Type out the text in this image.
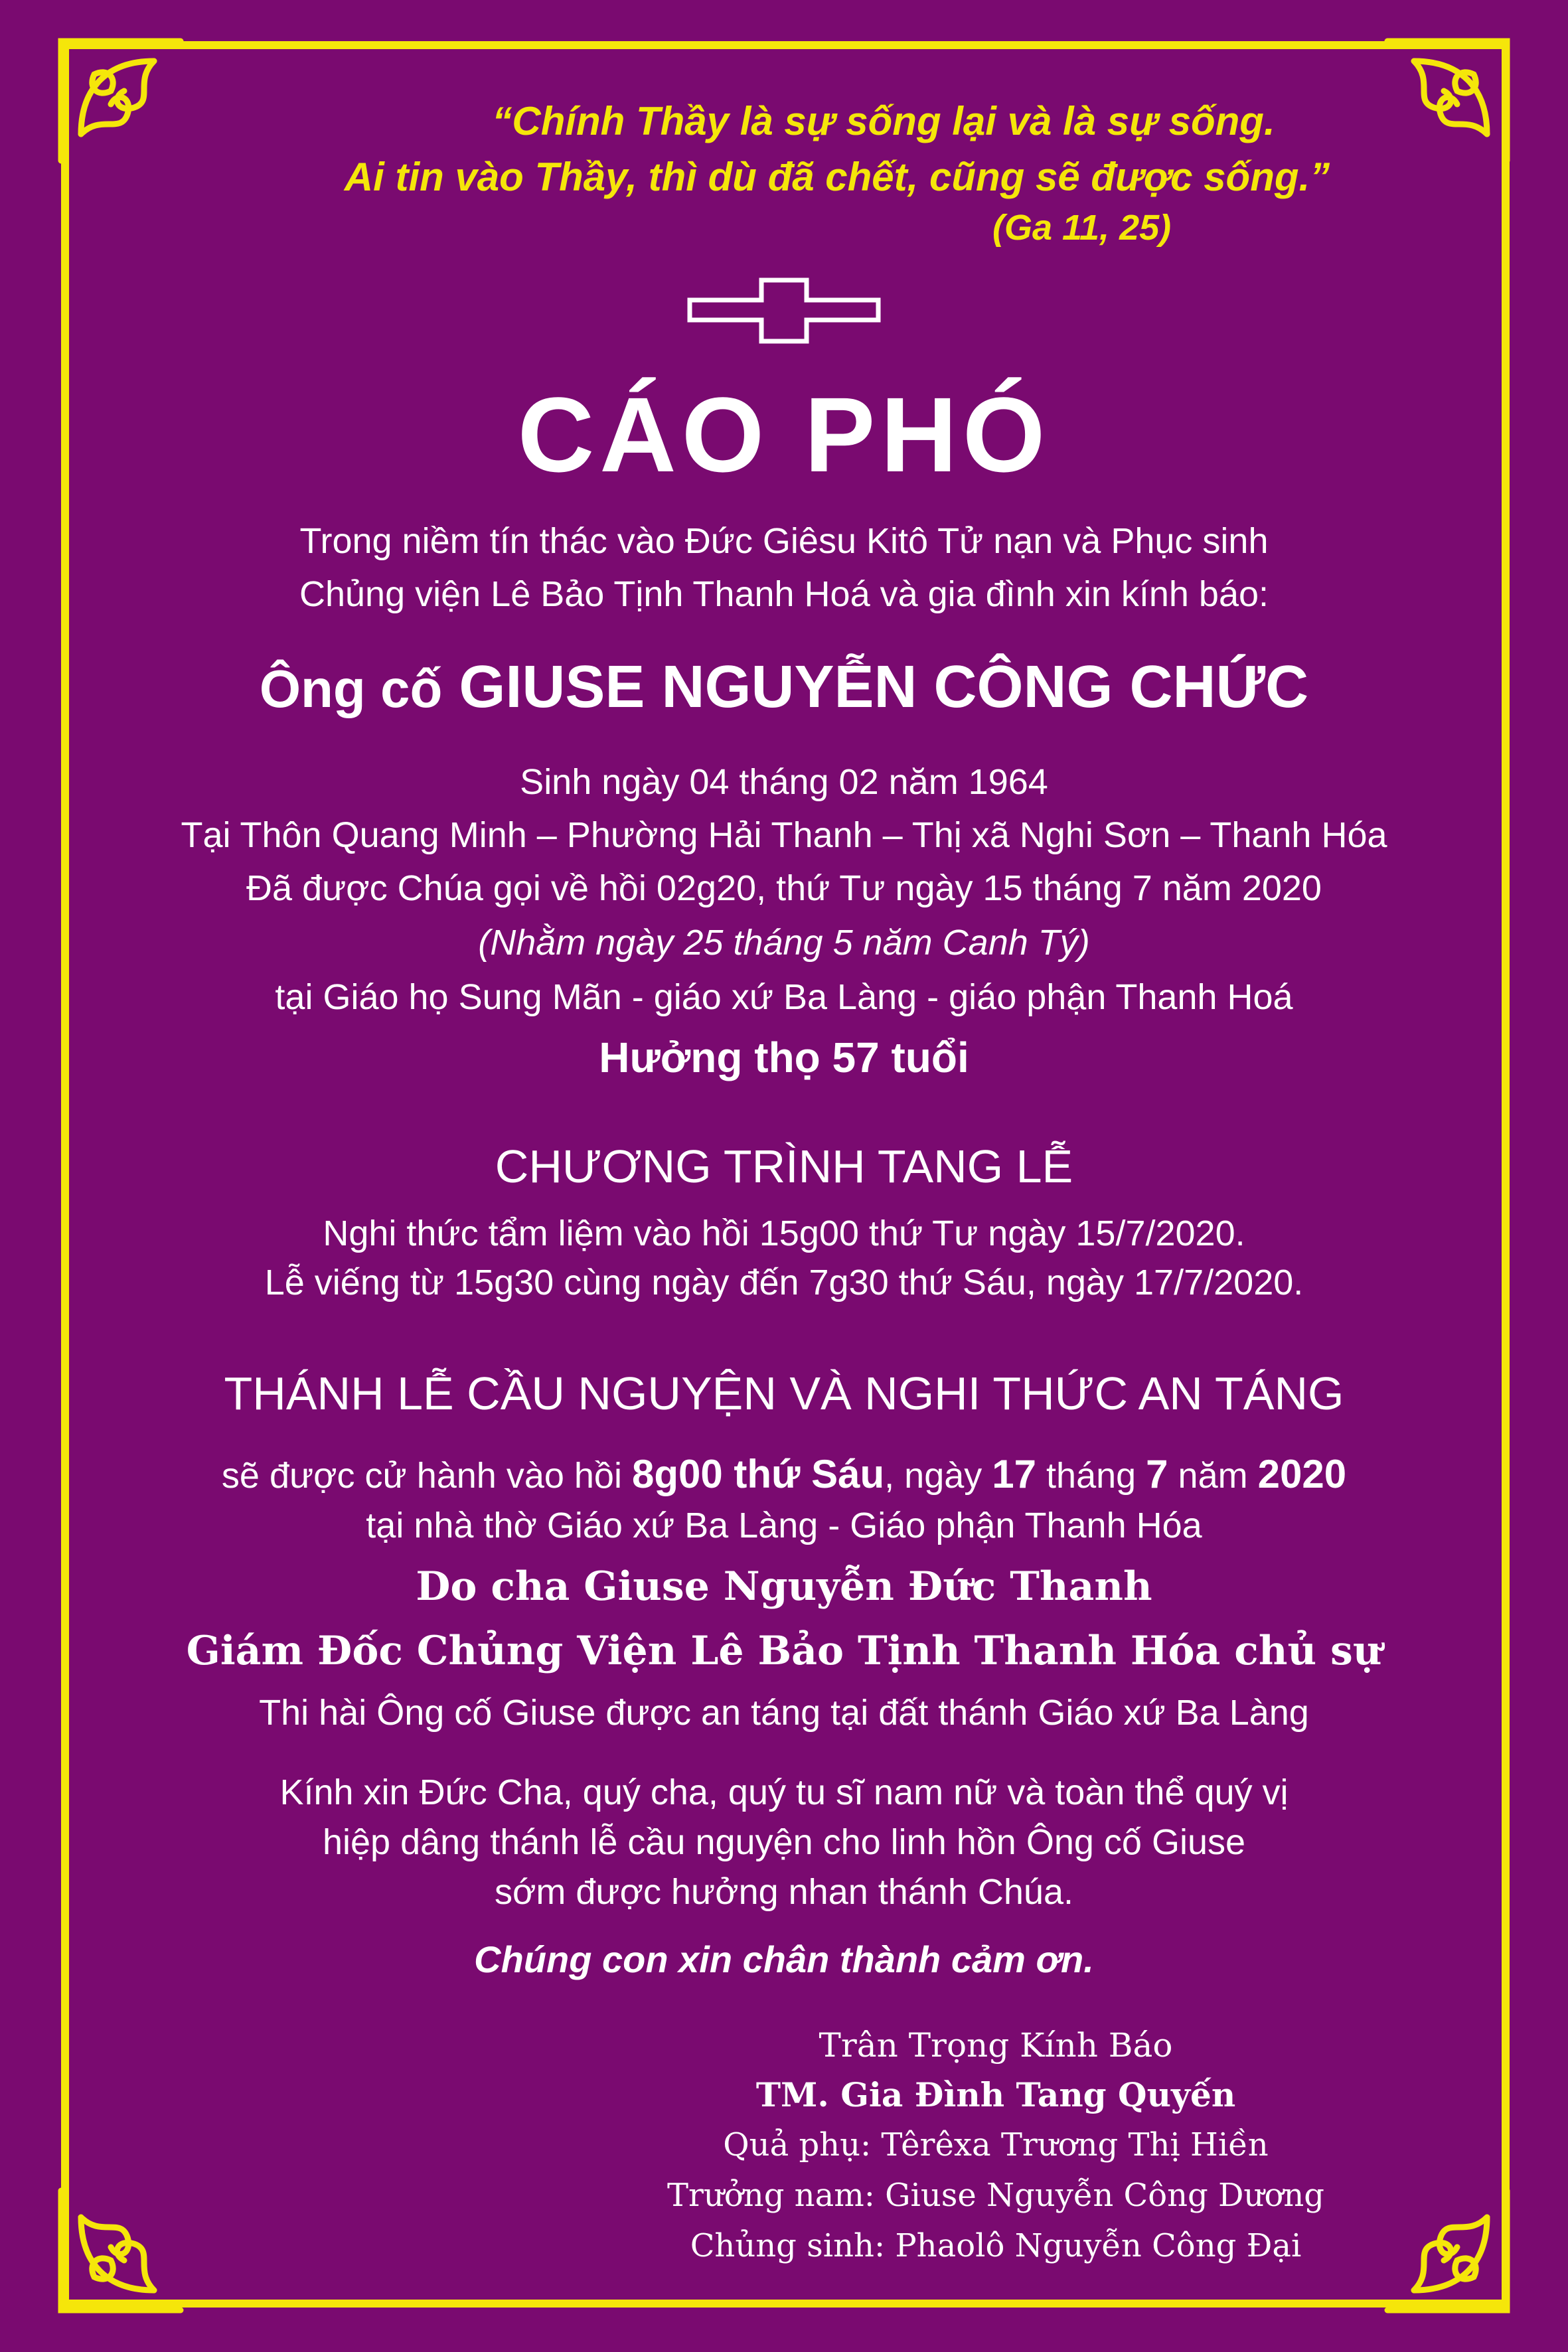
“Chính Thầy là sự sống lại và là sự sống.
Ai tin vào Thầy, thì dù đã chết, cũng sẽ được sống.”
(Ga 11, 25)
CÁO PHÓ
Trong niềm tín thác vào Đức Giêsu Kitô Tử nạn và Phục sinh
Chủng viện Lê Bảo Tịnh Thanh Hoá và gia đình xin kính báo:
Ông cố GIUSE NGUYỄN CÔNG CHỨC
Sinh ngày 04 tháng 02 năm 1964
Tại Thôn Quang Minh – Phường Hải Thanh – Thị xã Nghi Sơn – Thanh Hóa
Đã được Chúa gọi về hồi 02g20, thứ Tư ngày 15 tháng 7 năm 2020
(Nhằm ngày 25 tháng 5 năm Canh Tý)
tại Giáo họ Sung Mãn - giáo xứ Ba Làng - giáo phận Thanh Hoá
Hưởng thọ 57 tuổi
CHƯƠNG TRÌNH TANG LỄ
Nghi thức tẩm liệm vào hồi 15g00 thứ Tư ngày 15/7/2020.
Lễ viếng từ 15g30 cùng ngày đến 7g30 thứ Sáu, ngày 17/7/2020.
THÁNH LỄ CẦU NGUYỆN VÀ NGHI THỨC AN TÁNG
sẽ được cử hành vào hồi 8g00 thứ Sáu, ngày 17 tháng 7 năm 2020
tại nhà thờ Giáo xứ Ba Làng - Giáo phận Thanh Hóa
Do cha Giuse Nguyễn Đức Thanh
Giám Đốc Chủng Viện Lê Bảo Tịnh Thanh Hóa chủ sự
Thi hài Ông cố Giuse được an táng tại đất thánh Giáo xứ Ba Làng
Kính xin Đức Cha, quý cha, quý tu sĩ nam nữ và toàn thể quý vị
hiệp dâng thánh lễ cầu nguyện cho linh hồn Ông cố Giuse
sớm được hưởng nhan thánh Chúa.
Chúng con xin chân thành cảm ơn.
Trân Trọng Kính Báo
TM. Gia Đình Tang Quyến
Quả phụ: Têrêxa Trương Thị Hiền
Trưởng nam: Giuse Nguyễn Công Dương
Chủng sinh: Phaolô Nguyễn Công Đại
